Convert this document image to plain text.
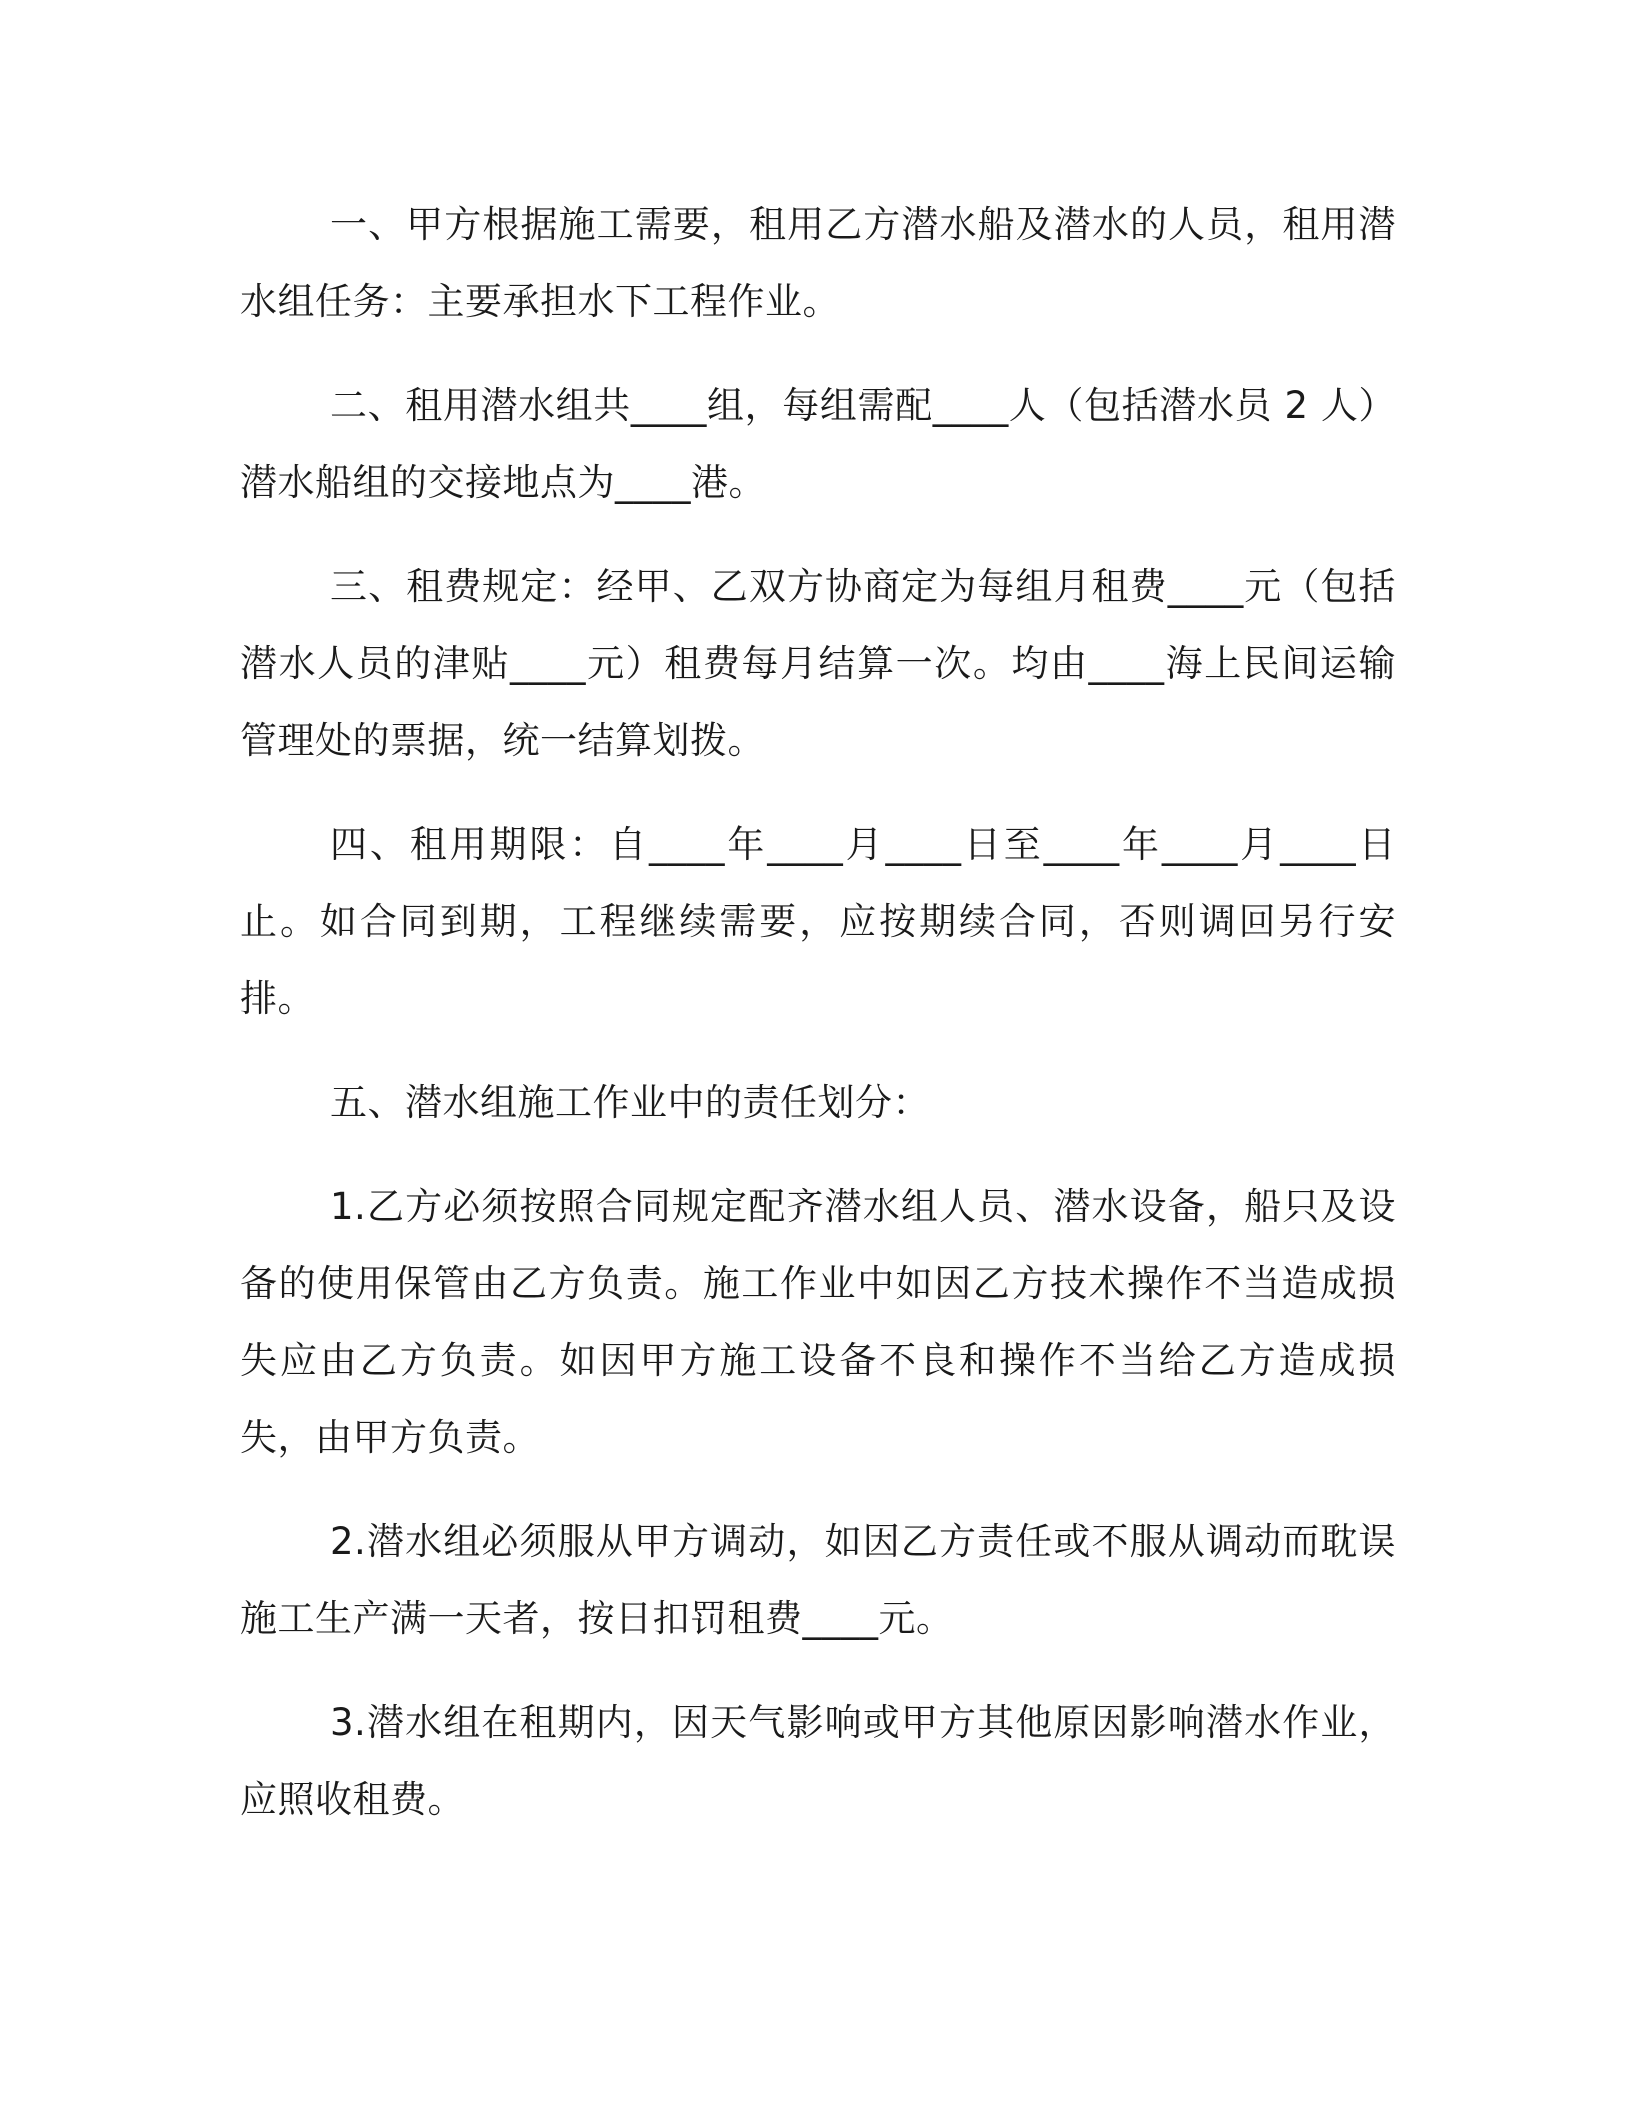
一、甲方根据施工需要，租用乙方潜水船及潜水的人员，租用潜水组任务：主要承担水下工程作业。

二、租用潜水组共____组，每组需配____人（包括潜水员 2 人）潜水船组的交接地点为____港。

三、租费规定：经甲、乙双方协商定为每组月租费____元（包括潜水人员的津贴____元）租费每月结算一次。均由____海上民间运输管理处的票据，统一结算划拨。

四、租用期限：自____年____月____日至____年____月____日止。如合同到期，工程继续需要，应按期续合同，否则调回另行安排。

五、潜水组施工作业中的责任划分：

1.乙方必须按照合同规定配齐潜水组人员、潜水设备，船只及设备的使用保管由乙方负责。施工作业中如因乙方技术操作不当造成损失应由乙方负责。如因甲方施工设备不良和操作不当给乙方造成损失，由甲方负责。

2.潜水组必须服从甲方调动，如因乙方责任或不服从调动而耽误施工生产满一天者，按日扣罚租费____元。

3.潜水组在租期内，因天气影响或甲方其他原因影响潜水作业，应照收租费。
